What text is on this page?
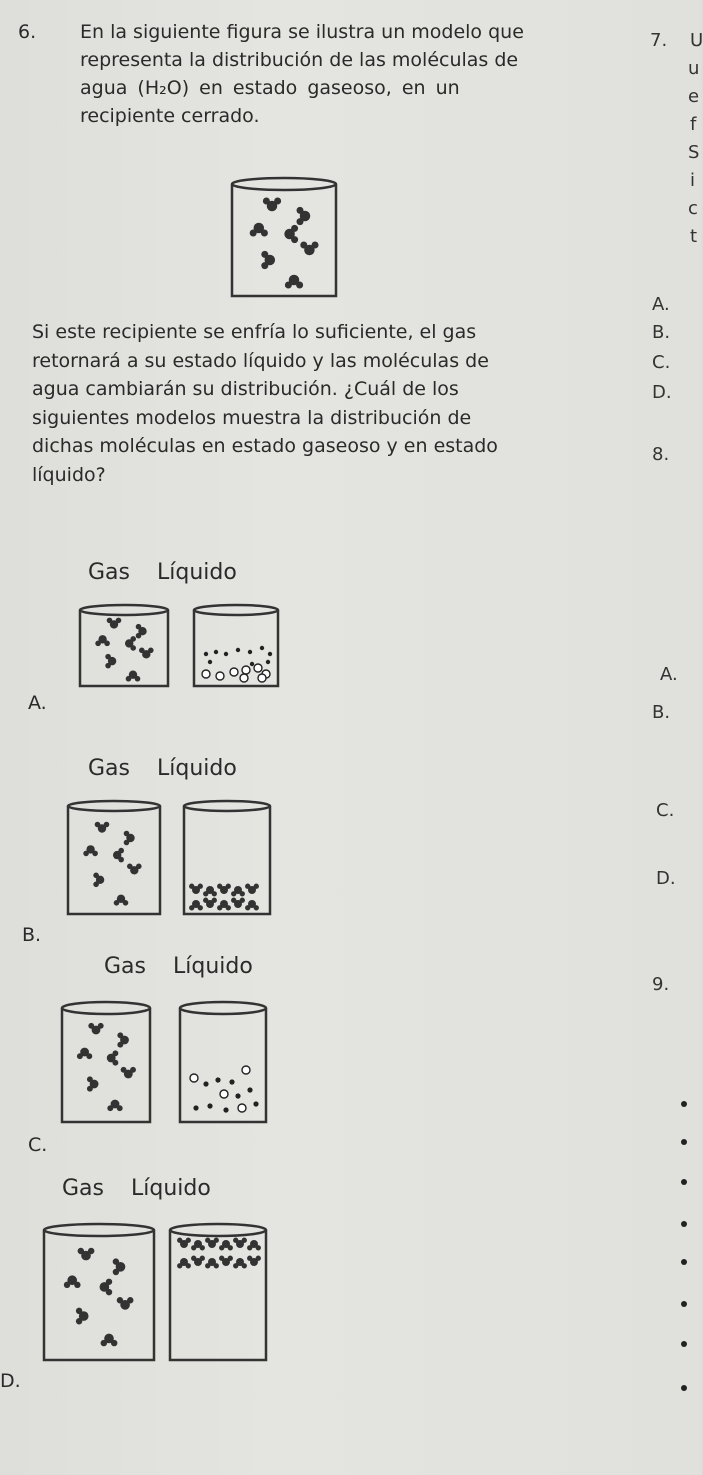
6. En la siguiente figura se ilustra un modelo que
representa la distribución de las moléculas de
agua (H₂O) en estado gaseoso, en un
recipiente cerrado.
Si este recipiente se enfría lo suficiente, el gas
retornará a su estado líquido y las moléculas de
agua cambiarán su distribución. ¿Cuál de los
siguientes modelos muestra la distribución de
dichas moléculas en estado gaseoso y en estado
líquido?
Gas Líquido
A.
Gas Líquido
B.
Gas Líquido
C.
Gas Líquido
D.
7. U
u
e
f
S
i
c
t
A.
B.
C.
D.
8.
A.
B.
C.
D.
9.
